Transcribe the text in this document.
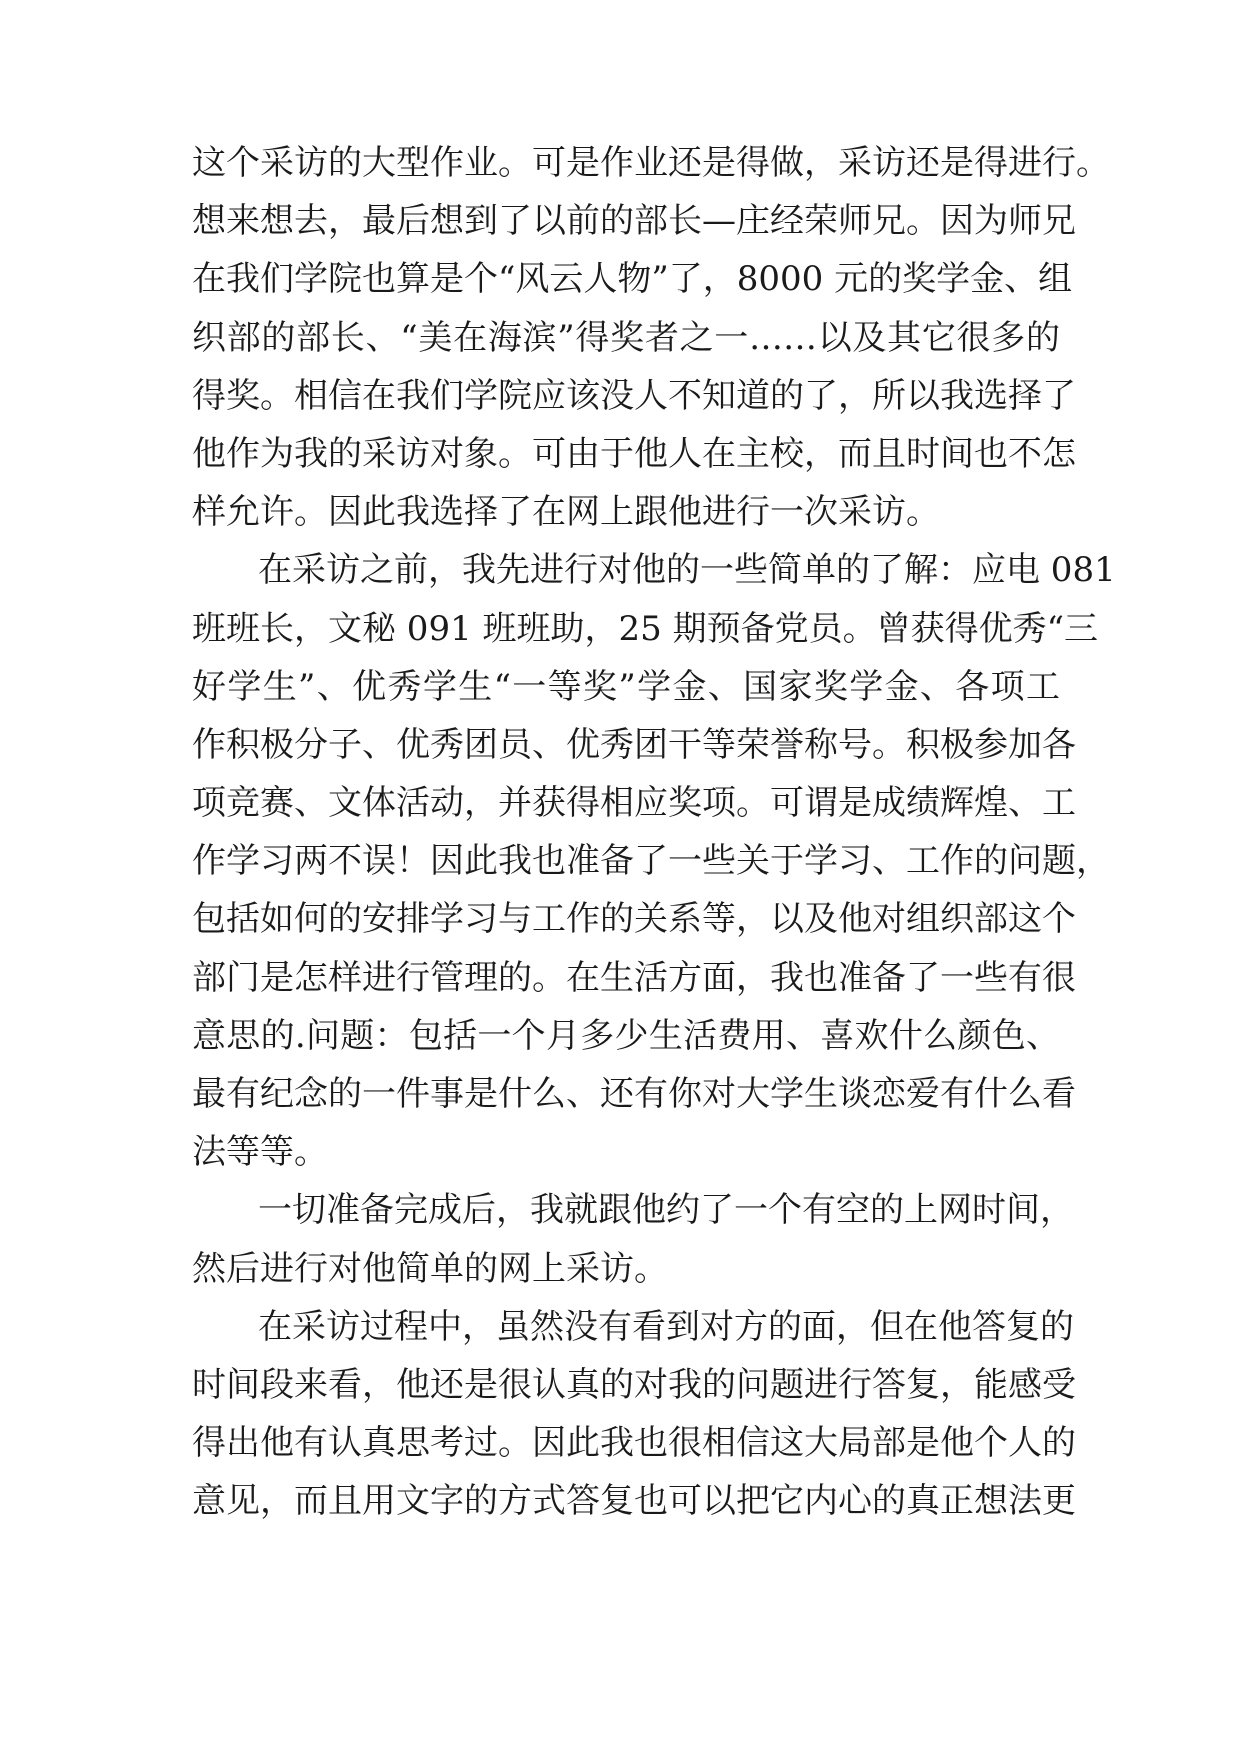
这个采访的大型作业。可是作业还是得做，采访还是得进行。
想来想去，最后想到了以前的部长—庄经荣师兄。因为师兄
在我们学院也算是个“风云人物”了，8000 元的奖学金、组
织部的部长、“美在海滨”得奖者之一……以及其它很多的
得奖。相信在我们学院应该没人不知道的了，所以我选择了
他作为我的采访对象。可由于他人在主校，而且时间也不怎
样允许。因此我选择了在网上跟他进行一次采访。
在采访之前，我先进行对他的一些简单的了解：应电 081
班班长，文秘 091 班班助，25 期预备党员。曾获得优秀“三
好学生”、优秀学生“一等奖”学金、国家奖学金、各项工
作积极分子、优秀团员、优秀团干等荣誉称号。积极参加各
项竞赛、文体活动，并获得相应奖项。可谓是成绩辉煌、工
作学习两不误！因此我也准备了一些关于学习、工作的问题，
包括如何的安排学习与工作的关系等，以及他对组织部这个
部门是怎样进行管理的。在生活方面，我也准备了一些有很
意思的.问题：包括一个月多少生活费用、喜欢什么颜色、
最有纪念的一件事是什么、还有你对大学生谈恋爱有什么看
法等等。
一切准备完成后，我就跟他约了一个有空的上网时间，
然后进行对他简单的网上采访。
在采访过程中，虽然没有看到对方的面，但在他答复的
时间段来看，他还是很认真的对我的问题进行答复，能感受
得出他有认真思考过。因此我也很相信这大局部是他个人的
意见，而且用文字的方式答复也可以把它内心的真正想法更
